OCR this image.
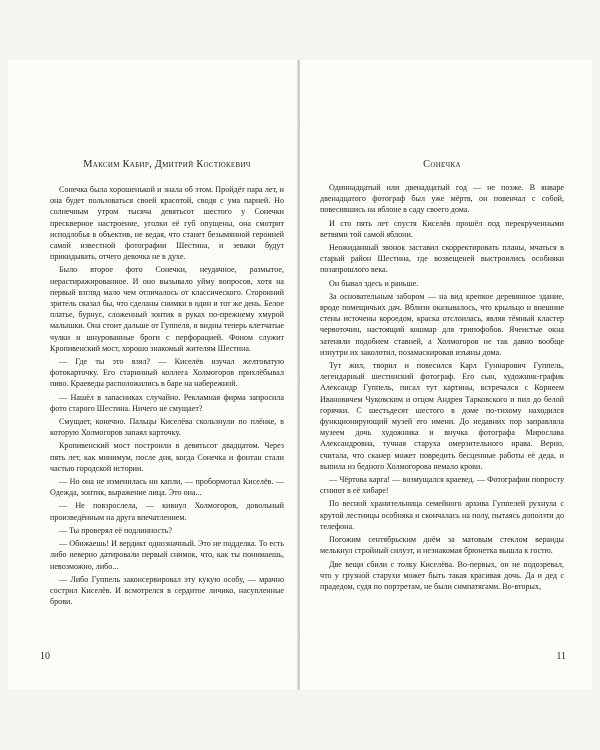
Максим Кабир, Дмитрий Костюкевич

Сонечка была хорошенькой и знала об этом. Пройдёт пара лет, и она будет пользоваться своей красотой, сводя с ума парней. Но солнечным утром тысяча девятьсот шестого у Сонечки прескверное настроение, уголки её губ опущены, она смотрит исподлобья в объектив, не ведая, что станет безымянной героиней самой известной фотографии Шестина, и зеваки будут прикидывать, отчего девочка не в духе.

Было второе фото Сонечки, неудачное, размытое, нерастиражированное. И оно вызывало уйму вопросов, хотя на первый взгляд мало чем отличалось от классического. Сторонний зритель сказал бы, что сделаны снимки в один и тот же день. Белое платье, бурнус, сложенный зонтик в руках по-прежнему хмурой малышки. Она стоит дальше от Гуппеля, и видны теперь клетчатые чулки и шнурованные броги с перфорацией. Фоном служит Кропивенский мост, хорошо знакомый жителям Шестина.

— Где ты это взял? — Киселёв изучал желтоватую фотокарточку. Его старинный коллега Холмогоров прихлёбывал пиво. Краеведы расположились в баре на набережной.

— Нашёл в запасниках случайно. Рекламная фирма запросила фото старого Шестина. Ничего не смущает?

Смущает, конечно. Пальцы Киселёва скользнули по плёнке, в которую Холмогоров запаял карточку.

Кропивенский мост построили в девятьсот двадцатом. Через пять лет, как минимум, после дня, когда Сонечка и фонтан стали частью городской истории.

— Но она не изменилась ни капли, — пробормотал Киселёв. — Одежда, зонтик, выражение лица. Это она...

— Не повзрослела, — кивнул Холмогоров, довольный произведённым на друга впечатлением.

— Ты проверял её подлинность?

— Обижаешь! И вердикт однозначный. Это не подделка. То есть либо неверно датировали первый снимок, что, как ты понимаешь, невозможно, либо...

— Либо Гуппель законсервировал эту кукую особу, — мрачно сострил Киселёв. И всмотрелся в сердитое личико, насупленные брови.

10
Сонечка

Одиннадцатый или двенадцатый год — не позже. В январе двенадцатого фотограф был уже мёртв, он повенчал с собой, повесившись на яблоне в саду своего дома.

И сто пять лет спустя Киселёв прошёл под перекрученными ветвями той самой яблони.

Неожиданный звонок заставил скорректировать планы, мчаться в старый район Шестина, где возвещеней выстроились особняки позапрошлого века.

Он бывал здесь и раньше.

За основательным забором — на вид крепкое деревянное здание, вроде помещичьих дач. Вблизи оказывалось, что крыльцо и внешние стены источены короедом, краска отслоилась, являя тёмный кластер червоточин, настоящий кошмар для трипофобов. Ячеистые окна затеняли подобием ставней, а Холмогоров не так давно вообще изнутри их заколотил, позамаскировав изъяны дома.

Тут жил, творил и повесился Карл Гуннарович Гуппель, легендарный шестинский фотограф. Его сын, художник-график Александр Гуппель, писал тут картины, встречался с Корнеем Ивановичем Чуковским и отцом Андрея Тарковского и пил до белой горячки. С шестьдесят шестого в доме по-тихому находился функционирующий музей его имени. До недавних пор заправляла музеем дочь художника и внучка фотографа Мирослава Александровна, тучная старуха омерзительного нрава. Верно, считала, что сканер может повредить бесценные работы её деда, и выпила из бедного Холмогорова немало крови.

— Чёртова карга! — возмущался краевед. — Фотографии попросту сгниют в её хибаре!

По весной хранительница семейного архива Гуппелей рухнула с крутой лестницы особняка и скончалась на полу, пытаясь доползти до телефона.

Погожим сентябрьским днём за матовым стеклом веранды мелькнул стройный силуэт, и незнакомая брюнетка вышла к гостю.

Две вещи сбили с толку Киселёва. Во-первых, он не подозревал, что у грузной старухи может быть такая красивая дочь. Да и дед с прадедом, судя по портретам, не были симпатягами. Во-вторых,

11
